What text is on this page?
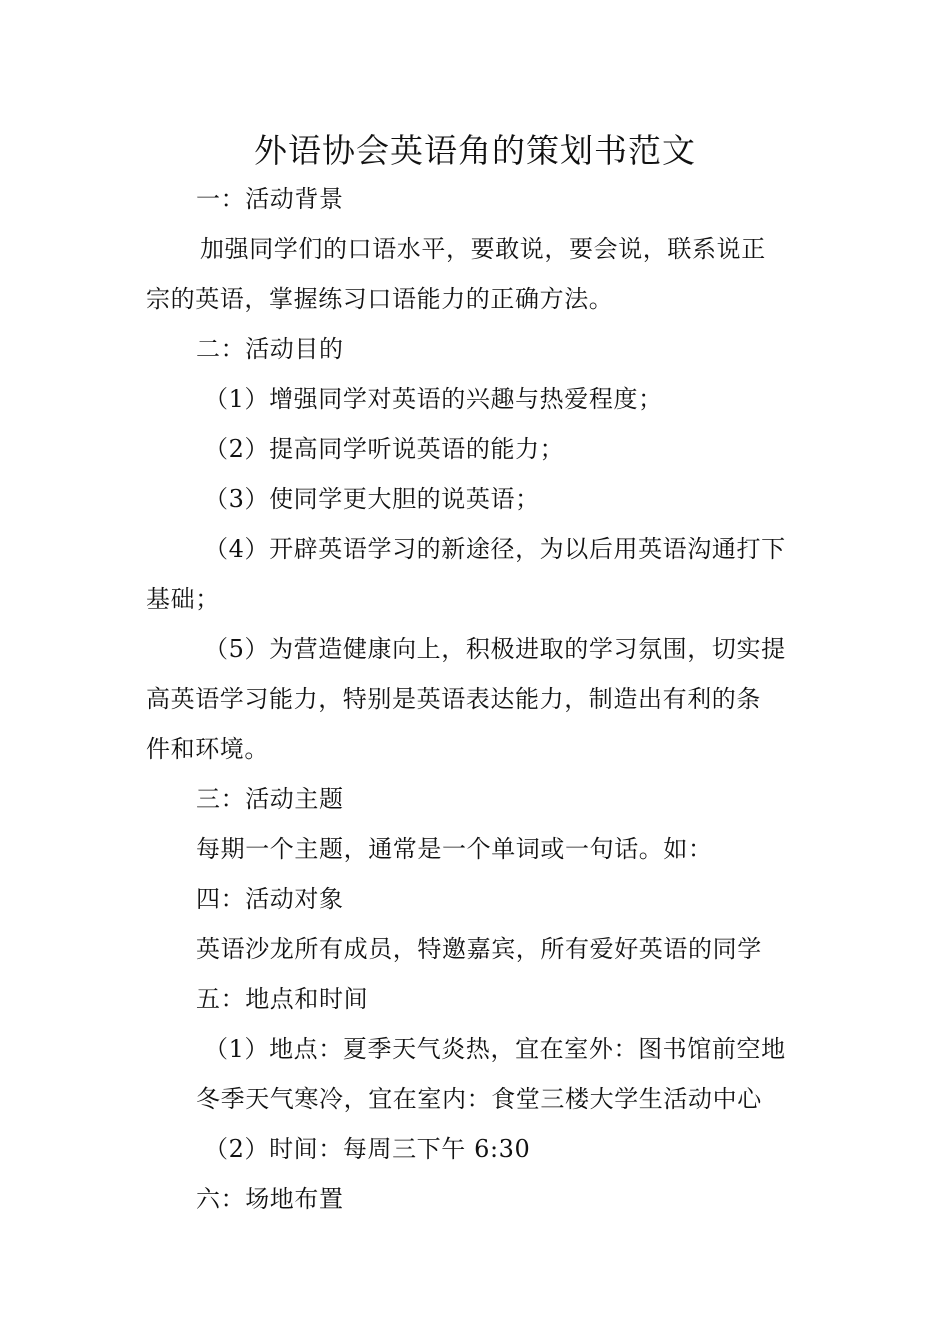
外语协会英语角的策划书范文

一：活动背景

加强同学们的口语水平，要敢说，要会说，联系说正

宗的英语，掌握练习口语能力的正确方法。

二：活动目的

（1）增强同学对英语的兴趣与热爱程度；

（2）提高同学听说英语的能力；

（3）使同学更大胆的说英语；

（4）开辟英语学习的新途径，为以后用英语沟通打下

基础；

（5）为营造健康向上，积极进取的学习氛围，切实提

高英语学习能力，特别是英语表达能力，制造出有利的条

件和环境。

三：活动主题

每期一个主题，通常是一个单词或一句话。如：

四：活动对象

英语沙龙所有成员，特邀嘉宾，所有爱好英语的同学

五：地点和时间

（1）地点：夏季天气炎热，宜在室外：图书馆前空地

冬季天气寒冷，宜在室内：食堂三楼大学生活动中心

（2）时间：每周三下午 6:30

六：场地布置
